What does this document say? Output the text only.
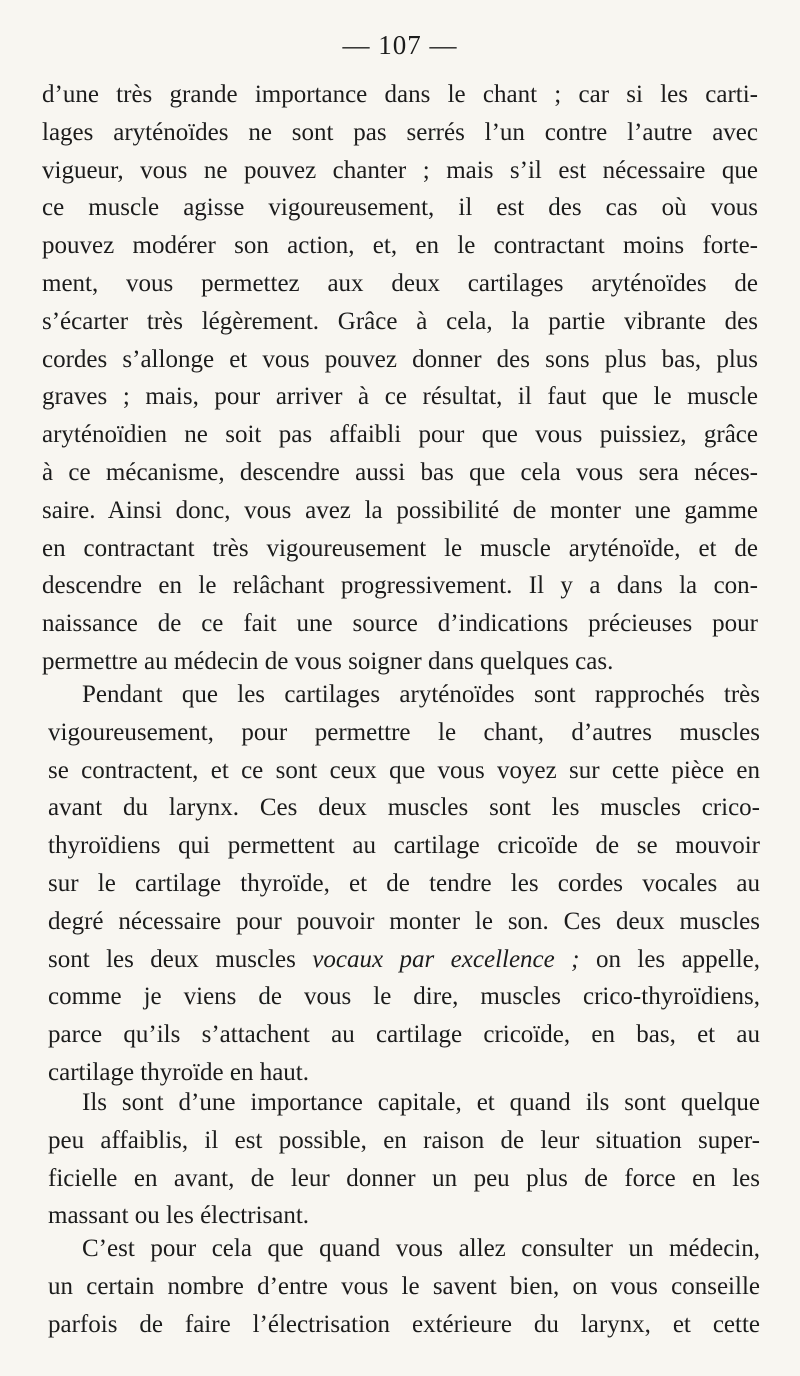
— 107 —
d’une très grande importance dans le chant ; car si les carti-
lages aryténoïdes ne sont pas serrés l’un contre l’autre avec
vigueur, vous ne pouvez chanter ; mais s’il est nécessaire que
ce muscle agisse vigoureusement, il est des cas où vous
pouvez modérer son action, et, en le contractant moins forte-
ment, vous permettez aux deux cartilages aryténoïdes de
s’écarter très légèrement. Grâce à cela, la partie vibrante des
cordes s’allonge et vous pouvez donner des sons plus bas, plus
graves ; mais, pour arriver à ce résultat, il faut que le muscle
aryténoïdien ne soit pas affaibli pour que vous puissiez, grâce
à ce mécanisme, descendre aussi bas que cela vous sera néces-
saire. Ainsi donc, vous avez la possibilité de monter une gamme
en contractant très vigoureusement le muscle aryténoïde, et de
descendre en le relâchant progressivement. Il y a dans la con-
naissance de ce fait une source d’indications précieuses pour
permettre au médecin de vous soigner dans quelques cas.
Pendant que les cartilages aryténoïdes sont rapprochés très
vigoureusement, pour permettre le chant, d’autres muscles
se contractent, et ce sont ceux que vous voyez sur cette pièce en
avant du larynx. Ces deux muscles sont les muscles crico-
thyroïdiens qui permettent au cartilage cricoïde de se mouvoir
sur le cartilage thyroïde, et de tendre les cordes vocales au
degré nécessaire pour pouvoir monter le son. Ces deux muscles
sont les deux muscles vocaux par excellence ; on les appelle,
comme je viens de vous le dire, muscles crico-thyroïdiens,
parce qu’ils s’attachent au cartilage cricoïde, en bas, et au
cartilage thyroïde en haut.
Ils sont d’une importance capitale, et quand ils sont quelque
peu affaiblis, il est possible, en raison de leur situation super-
ficielle en avant, de leur donner un peu plus de force en les
massant ou les électrisant.
C’est pour cela que quand vous allez consulter un médecin,
un certain nombre d’entre vous le savent bien, on vous conseille
parfois de faire l’électrisation extérieure du larynx, et cette
